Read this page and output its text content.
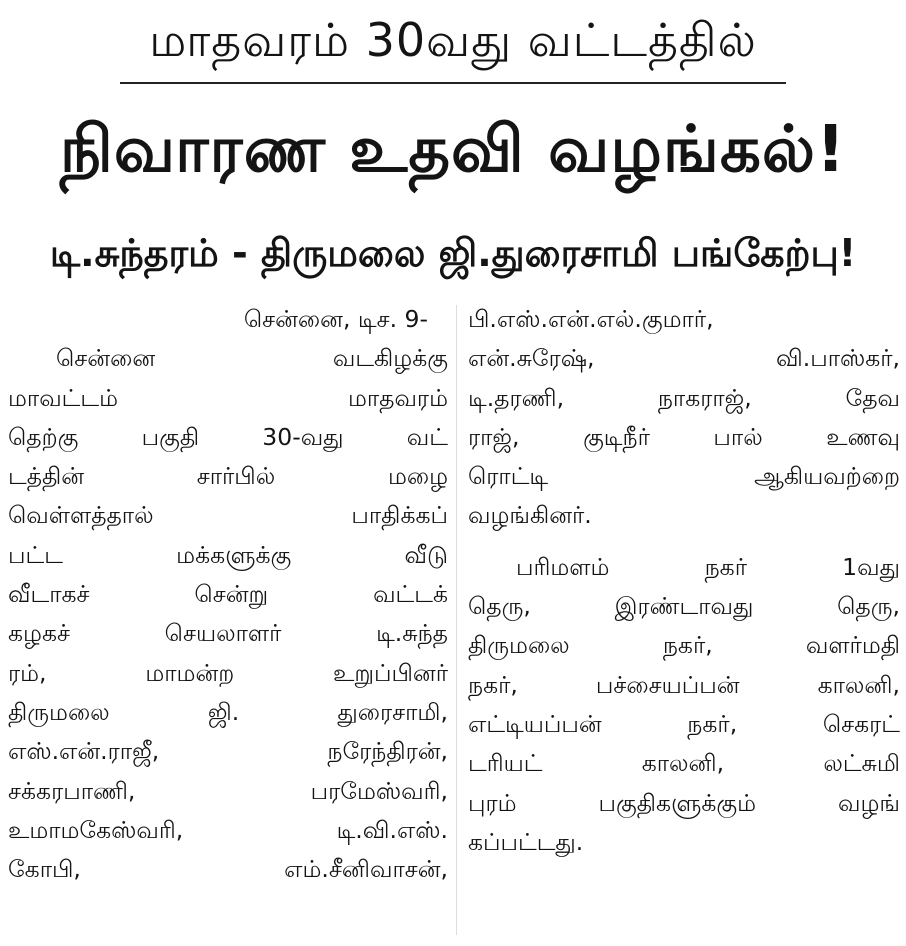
மாதவரம் 30வது வட்டத்தில்
நிவாரண உதவி வழங்கல்!
டி.சுந்தரம் - திருமலை ஜி.துரைசாமி பங்கேற்பு!
சென்னை, டிச. 9-
சென்னை வடகிழக்கு
மாவட்டம் மாதவரம்
தெற்கு பகுதி 30-வது வட்
டத்தின் சார்பில் மழை
வெள்ளத்தால் பாதிக்கப்
பட்ட மக்களுக்கு வீடு
வீடாகச் சென்று வட்டக்
கழகச் செயலாளர் டி.சுந்த
ரம், மாமன்ற உறுப்பினர்
திருமலை ஜி. துரைசாமி,
எஸ்.என்.ராஜீ, நரேந்திரன்,
சக்கரபாணி, பரமேஸ்வரி,
உமாமகேஸ்வரி, டி.வி.எஸ்.
கோபி, எம்.சீனிவாசன்,
பி.எஸ்.என்.எல்.குமார்,
என்.சுரேஷ், வி.பாஸ்கர்,
டி.தரணி, நாகராஜ், தேவ
ராஜ், குடிநீர் பால் உணவு
ரொட்டி ஆகியவற்றை
வழங்கினர்.
பரிமளம் நகர் 1வது
தெரு, இரண்டாவது தெரு,
திருமலை நகர், வளர்மதி
நகர், பச்சையப்பன் காலனி,
எட்டியப்பன் நகர், செகரட்
டரியட் காலனி, லட்சுமி
புரம் பகுதிகளுக்கும் வழங்
கப்பட்டது.
